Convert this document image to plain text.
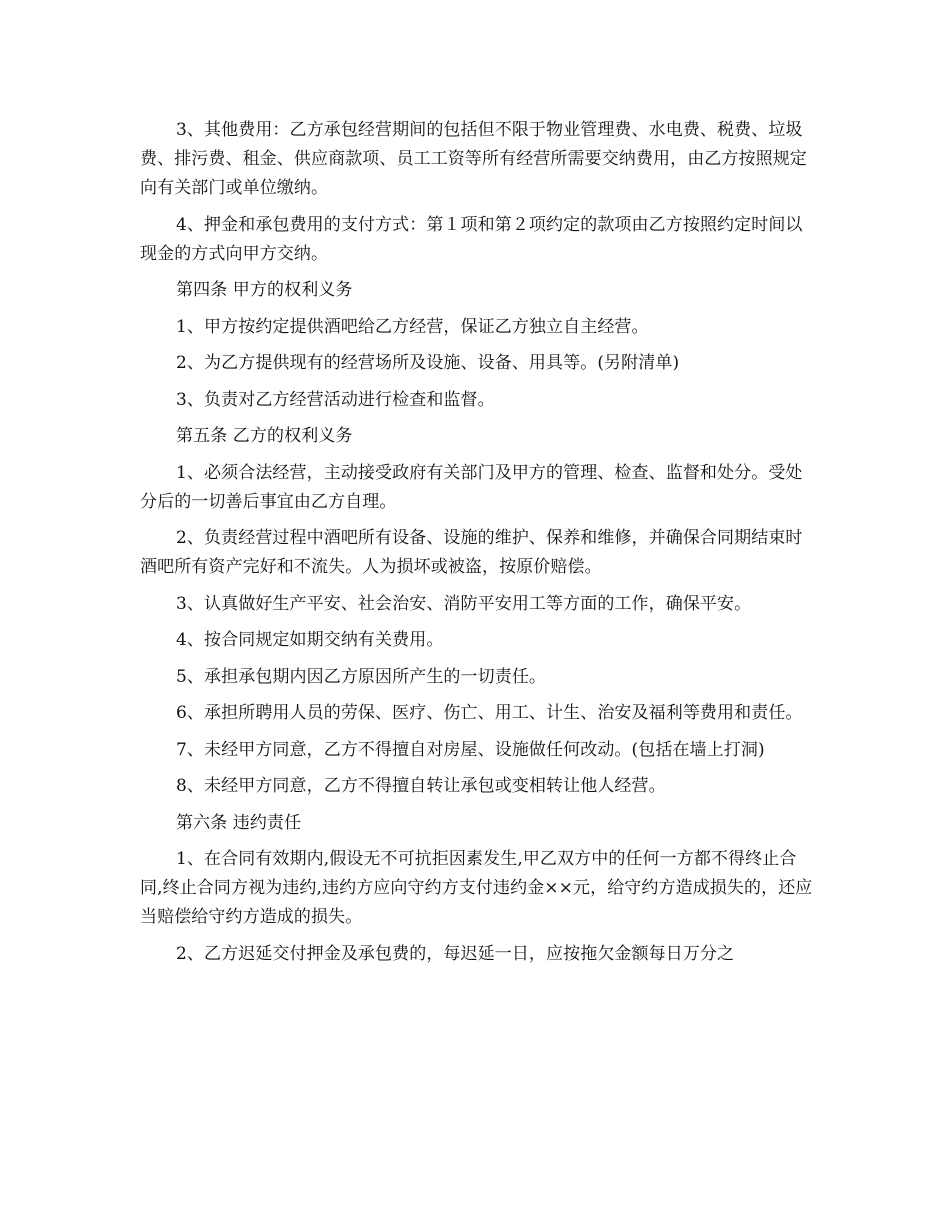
3、其他费用：乙方承包经营期间的包括但不限于物业管理费、水电费、税费、垃圾费、排污费、租金、供应商款项、员工工资等所有经营所需要交纳费用，由乙方按照规定向有关部门或单位缴纳。

4、押金和承包费用的支付方式：第１项和第２项约定的款项由乙方按照约定时间以现金的方式向甲方交纳。

第四条 甲方的权利义务

1、甲方按约定提供酒吧给乙方经营，保证乙方独立自主经营。

2、为乙方提供现有的经营场所及设施、设备、用具等。(另附清单)

3、负责对乙方经营活动进行检查和监督。

第五条 乙方的权利义务

1、必须合法经营，主动接受政府有关部门及甲方的管理、检查、监督和处分。受处分后的一切善后事宜由乙方自理。

2、负责经营过程中酒吧所有设备、设施的维护、保养和维修，并确保合同期结束时酒吧所有资产完好和不流失。人为损坏或被盗，按原价赔偿。

3、认真做好生产平安、社会治安、消防平安用工等方面的工作，确保平安。

4、按合同规定如期交纳有关费用。

5、承担承包期内因乙方原因所产生的一切责任。

6、承担所聘用人员的劳保、医疗、伤亡、用工、计生、治安及福利等费用和责任。

7、未经甲方同意，乙方不得擅自对房屋、设施做任何改动。(包括在墙上打洞)

8、未经甲方同意，乙方不得擅自转让承包或变相转让他人经营。

第六条 违约责任

1、在合同有效期内,假设无不可抗拒因素发生,甲乙双方中的任何一方都不得终止合同,终止合同方视为违约,违约方应向守约方支付违约金××元，给守约方造成损失的，还应当赔偿给守约方造成的损失。

2、乙方迟延交付押金及承包费的，每迟延一日，应按拖欠金额每日万分之
